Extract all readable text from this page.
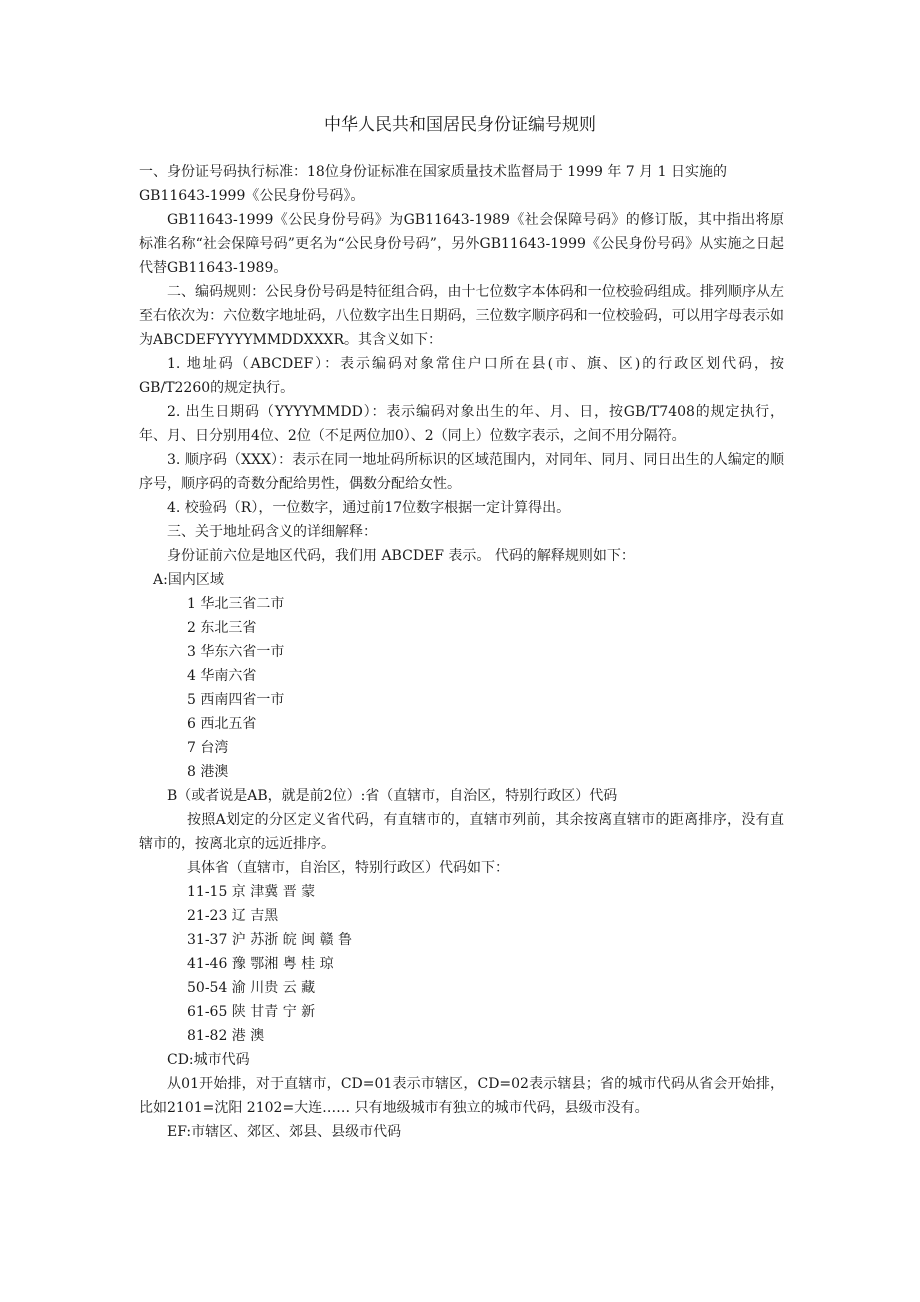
中华人民共和国居民身份证编号规则

一、身份证号码执行标准：18位身份证标准在国家质量技术监督局于 1999 年 7 月 1 日实施的

GB11643-1999《公民身份号码》。

GB11643-1999《公民身份号码》为GB11643-1989《社会保障号码》的修订版，其中指出将原标准名称“社会保障号码”更名为“公民身份号码”，另外GB11643-1999《公民身份号码》从实施之日起代替GB11643-1989。

二、编码规则：公民身份号码是特征组合码，由十七位数字本体码和一位校验码组成。排列顺序从左至右依次为：六位数字地址码，八位数字出生日期码，三位数字顺序码和一位校验码，可以用字母表示如为ABCDEFYYYYMMDDXXXR。其含义如下：

1. 地址码（ABCDEF）：表示编码对象常住户口所在县(市、旗、区)的行政区划代码，按GB/T2260的规定执行。

2. 出生日期码（YYYYMMDD）：表示编码对象出生的年、月、日，按GB/T7408的规定执行，年、月、日分别用4位、2位（不足两位加0）、2（同上）位数字表示，之间不用分隔符。

3. 顺序码（XXX）：表示在同一地址码所标识的区域范围内，对同年、同月、同日出生的人编定的顺序号，顺序码的奇数分配给男性，偶数分配给女性。

4. 校验码（R），一位数字，通过前17位数字根据一定计算得出。

三、关于地址码含义的详细解释：

身份证前六位是地区代码，我们用 ABCDEF 表示。 代码的解释规则如下：

A:国内区域

1 华北三省二市

2 东北三省

3 华东六省一市

4 华南六省

5 西南四省一市

6 西北五省

7 台湾

8 港澳

B（或者说是AB，就是前2位）:省（直辖市，自治区，特别行政区）代码

按照A划定的分区定义省代码，有直辖市的，直辖市列前，其余按离直辖市的距离排序，没有直辖市的，按离北京的远近排序。

具体省（直辖市，自治区，特别行政区）代码如下：

11-15 京 津冀 晋 蒙

21-23 辽 吉黑

31-37 沪 苏浙 皖 闽 赣 鲁

41-46 豫 鄂湘 粤 桂 琼

50-54 渝 川贵 云 藏

61-65 陕 甘青 宁 新

81-82 港 澳

CD:城市代码

从01开始排，对于直辖市，CD=01表示市辖区，CD=02表示辖县；省的城市代码从省会开始排，比如2101=沈阳 2102=大连…… 只有地级城市有独立的城市代码，县级市没有。

EF:市辖区、郊区、郊县、县级市代码
